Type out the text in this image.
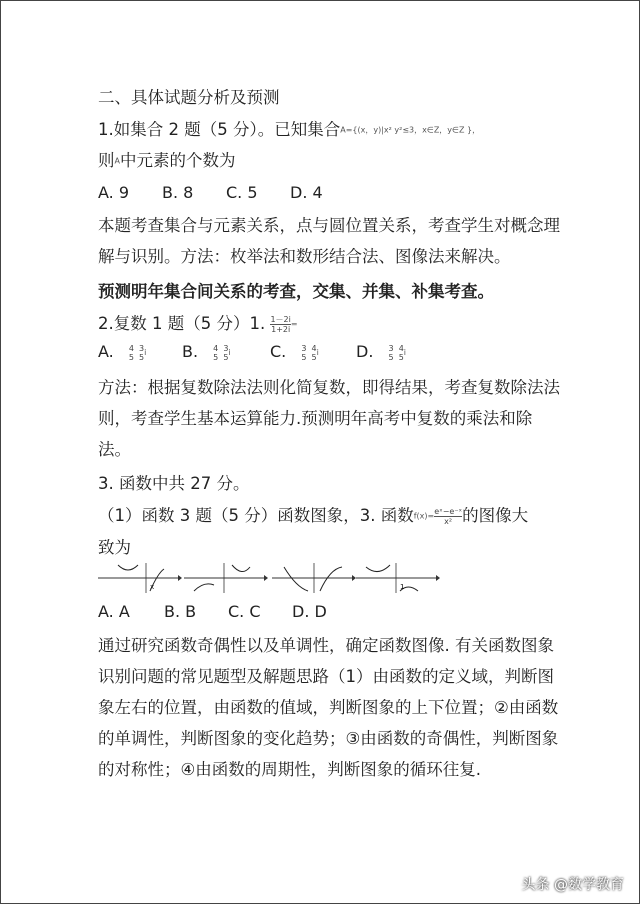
二、具体试题分析及预测
1.如集合 2 题（5 分）。已知集合A={(x，y)|x² y²≤3，x∈Z，y∈Z }，
则A中元素的个数为
A. 9 B. 8 C. 5 D. 4
本题考查集合与元素关系，点与圆位置关系，考查学生对概念理解与识别。方法：枚举法和数形结合法、图像法来解决。
预测明年集合间关系的考查，交集、并集、补集考查。
2.复数 1 题（5 分）1. $\frac{1-2i}{1+2i}$ =
A. 4
5

3
5 i B. 4
5

3
5 i C. 3
5

4
5 i D. 3
5

4
5 i
方法：根据复数除法法则化简复数，即得结果，考查复数除法法则，考查学生基本运算能力.预测明年高考中复数的乘法和除法。
3. 函数中共 27 分。
（1）函数 3 题（5 分）函数图象，3. 函数$f(x)= \frac{\text{eˣ−e⁻ˣ}}{\text{x²}}$ 的图像大
致为
x	1
A. A B. B C. C D. D
通过研究函数奇偶性以及单调性，确定函数图像. 有关函数图象识别问题的常见题型及解题思路（1）由函数的定义域，判断图象左右的位置，由函数的值域，判断图象的上下位置；②由函数的单调性，判断图象的变化趋势；③由函数的奇偶性，判断图象的对称性；④由函数的周期性，判断图象的循环往复.
头条 @数学教育
